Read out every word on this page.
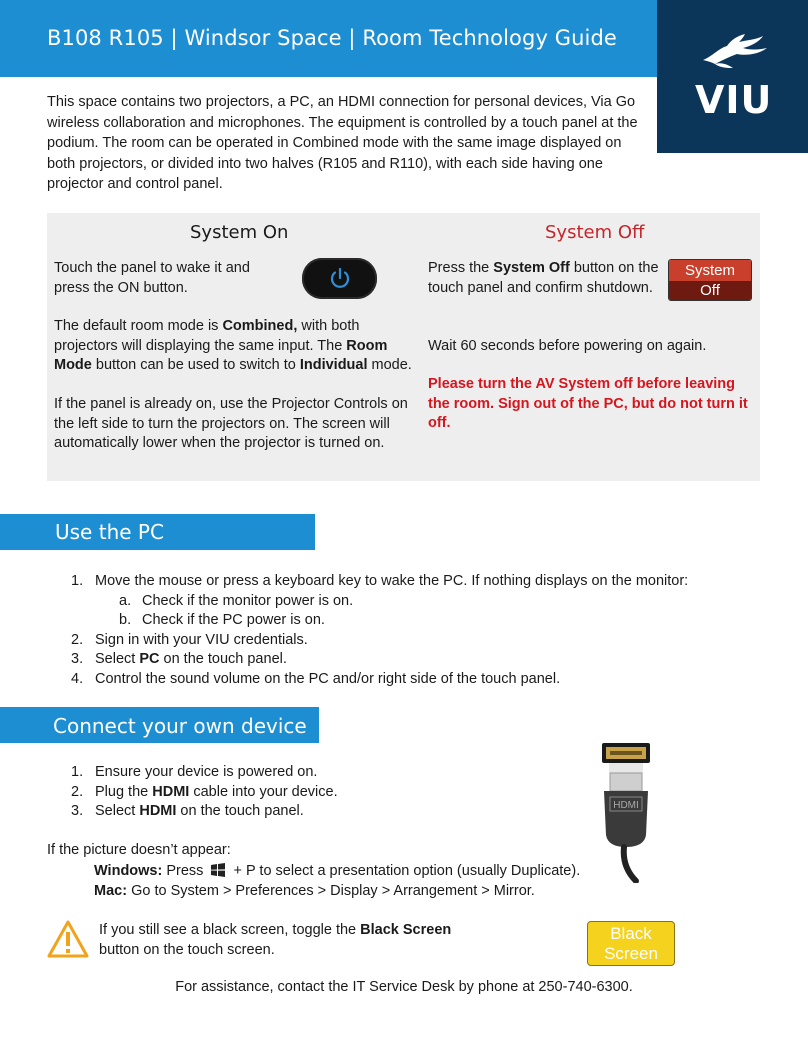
B108 R105 | Windsor Space | Room Technology Guide
VIU

This space contains two projectors, a PC, an HDMI connection for personal devices, Via Go wireless collaboration and microphones. The equipment is controlled by a touch panel at the podium. The room can be operated in Combined mode with the same image displayed on both projectors, or divided into two halves (R105 and R110), with each side having one projector and control panel.

System On	System Off
Touch the panel to wake it and press the ON button.
The default room mode is Combined, with both projectors will displaying the same input. The Room Mode button can be used to switch to Individual mode.
If the panel is already on, use the Projector Controls on the left side to turn the projectors on. The screen will automatically lower when the projector is turned on.
Press the System Off button on the touch panel and confirm shutdown.
System
Off
Wait 60 seconds before powering on again.
Please turn the AV System off before leaving the room. Sign out of the PC, but do not turn it off.
Use the PC
1. Move the mouse or press a keyboard key to wake the PC. If nothing displays on the monitor:
a. Check if the monitor power is on.
b. Check if the PC power is on.
2. Sign in with your VIU credentials.
3. Select PC on the touch panel.
4. Control the sound volume on the PC and/or right side of the touch panel.
Connect your own device
1. Ensure your device is powered on.
2. Plug the HDMI cable into your device.
3. Select HDMI on the touch panel.	HDMI
If the picture doesn’t appear:
Windows: Press  + P to select a presentation option (usually Duplicate).
Mac: Go to System > Preferences > Display > Arrangement > Mirror.
If you still see a black screen, toggle the Black Screen
button on the touch screen.
Black
Screen
For assistance, contact the IT Service Desk by phone at 250-740-6300.
